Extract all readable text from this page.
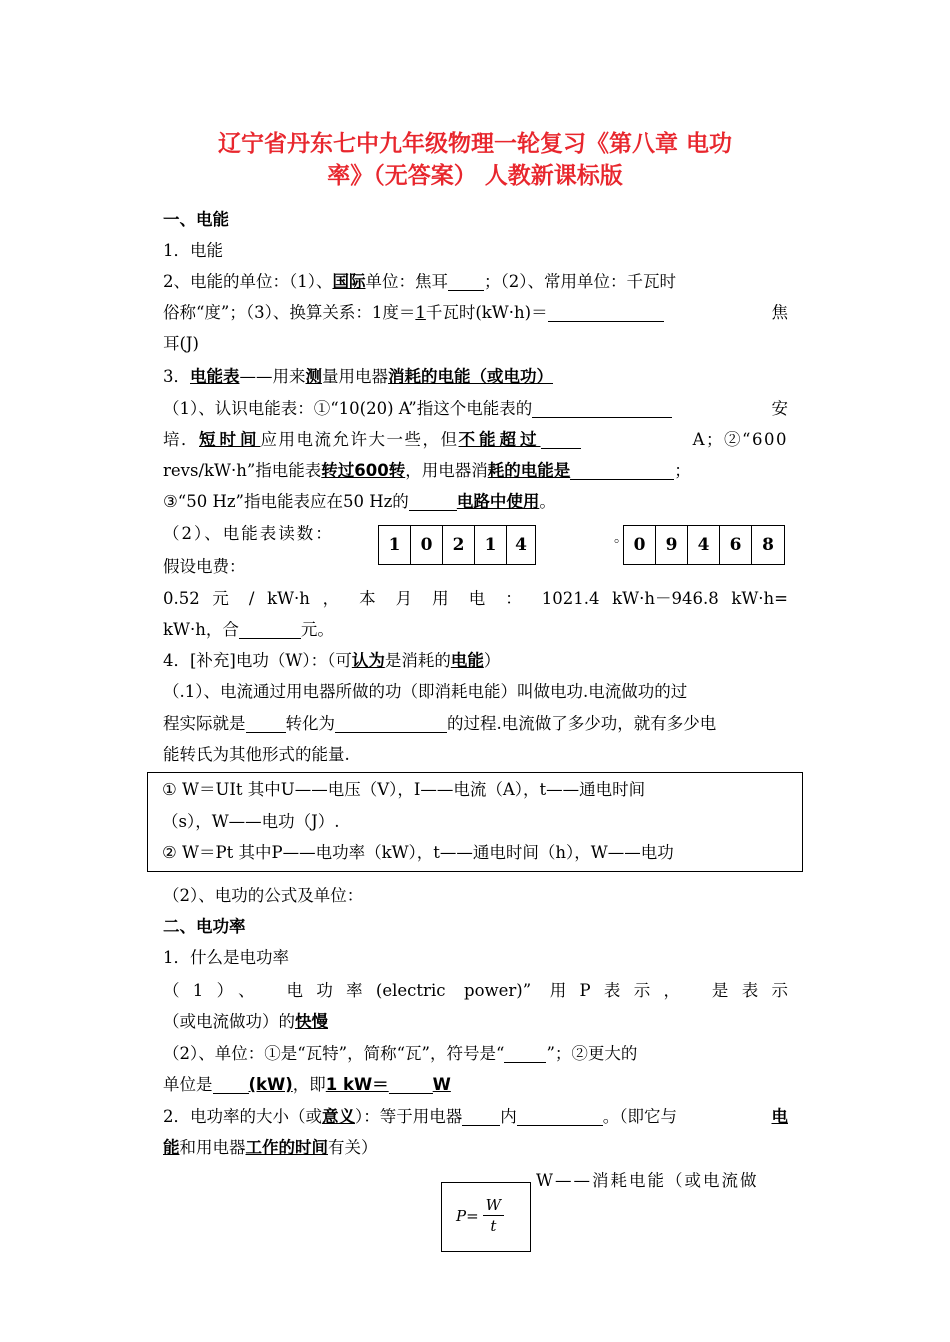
辽宁省丹东七中九年级物理一轮复习《第八章 电功
率》（无答案） 人教新课标版
一、电能
1．电能
2、电能的单位：（1）、国际单位：焦耳 ；（2）、常用单位：千瓦时
俗称“度”；（3）、换算关系：1度＝1千瓦时(kW·h)＝	焦
耳(J)
3．电能表——用来测量用电器消耗的电能（或电功）
（1）、认识电能表：①“10(20) A”指这个电能表的	安
培．短时间应用电流允许大一些，但不能超过	A；②“600
revs/kW·h”指电能表转过600转，用电器消耗的电能是	；
③“50 Hz”指电能表应在50 Hz的	电路中使用。
（2）、电能表读数：
1	0	2	1	4	。 0	9	4	6	8
假设电费：
0.52 元 / kW·h ， 本 月 用 电 ： 1021.4 kW·h－946.8 kW·h=
kW·h，合	元。
4．[补充]电功（W）：（可认为是消耗的电能）
（.1）、电流通过用电器所做的功（即消耗电能）叫做电功.电流做功的过
程实际就是 转化为	的过程.电流做了多少功，就有多少电
能转氏为其他形式的能量.
① W＝UIt 其中U——电压（V），I——电流（A），t——通电时间
（s），W——电功（J）.
② W＝Pt 其中P——电功率（kW），t——通电时间（h），W——电功
（2）、电功的公式及单位：
二、电功率
1．什么是电功率
（1）、 电功率(electric power)” 用P表示， 是表示
（或电流做功）的快慢
（2）、单位：①是“瓦特”，简称“瓦”，符号是“	”；②更大的
单位是 (kW)，即1 kW＝	W
2．电功率的大小（或意义）：等于用电器 内	。（即它与	电
能和用电器工作的时间有关）
W——消耗电能（或电流做
$P= \frac{W}{t}$
